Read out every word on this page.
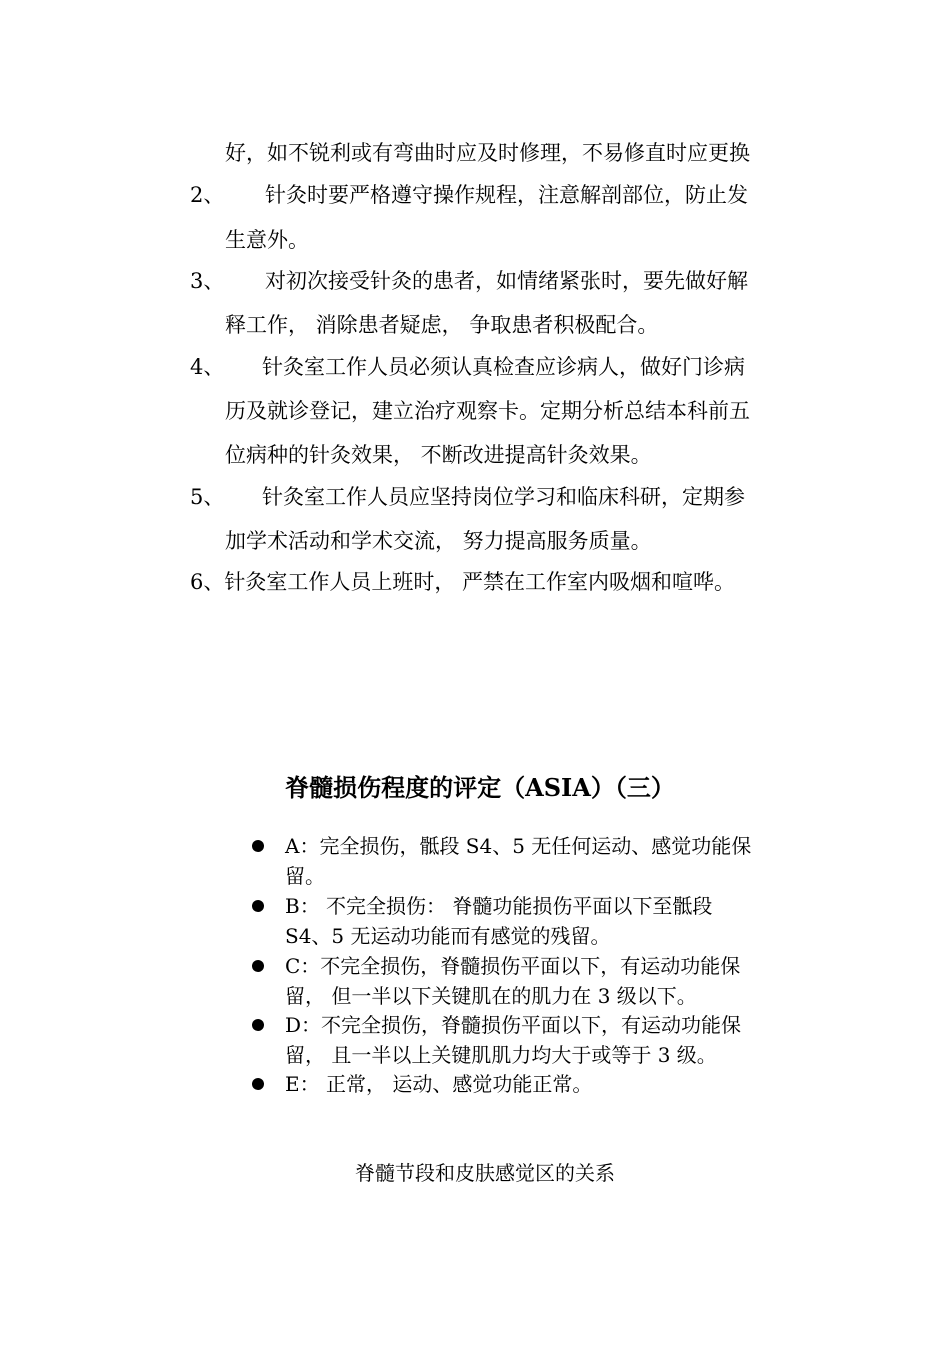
好，如不锐利或有弯曲时应及时修理，不易修直时应更换
2、 针灸时要严格遵守操作规程，注意解剖部位，防止发
生意外。
3、 对初次接受针灸的患者，如情绪紧张时，要先做好解
释工作， 消除患者疑虑， 争取患者积极配合。
4、 针灸室工作人员必须认真检查应诊病人，做好门诊病
历及就诊登记，建立治疗观察卡。定期分析总结本科前五
位病种的针灸效果， 不断改进提高针灸效果。
5、 针灸室工作人员应坚持岗位学习和临床科研，定期参
加学术活动和学术交流， 努力提高服务质量。
6、针灸室工作人员上班时， 严禁在工作室内吸烟和喧哗。
脊髓损伤程度的评定（ASIA）（三）
A：完全损伤，骶段 S4、5 无任何运动、感觉功能保
留。
B： 不完全损伤： 脊髓功能损伤平面以下至骶段
S4、5 无运动功能而有感觉的残留。
C：不完全损伤，脊髓损伤平面以下，有运动功能保
留， 但一半以下关键肌在的肌力在 3 级以下。
D：不完全损伤，脊髓损伤平面以下，有运动功能保
留， 且一半以上关键肌肌力均大于或等于 3 级。
E： 正常， 运动、感觉功能正常。
脊髓节段和皮肤感觉区的关系
